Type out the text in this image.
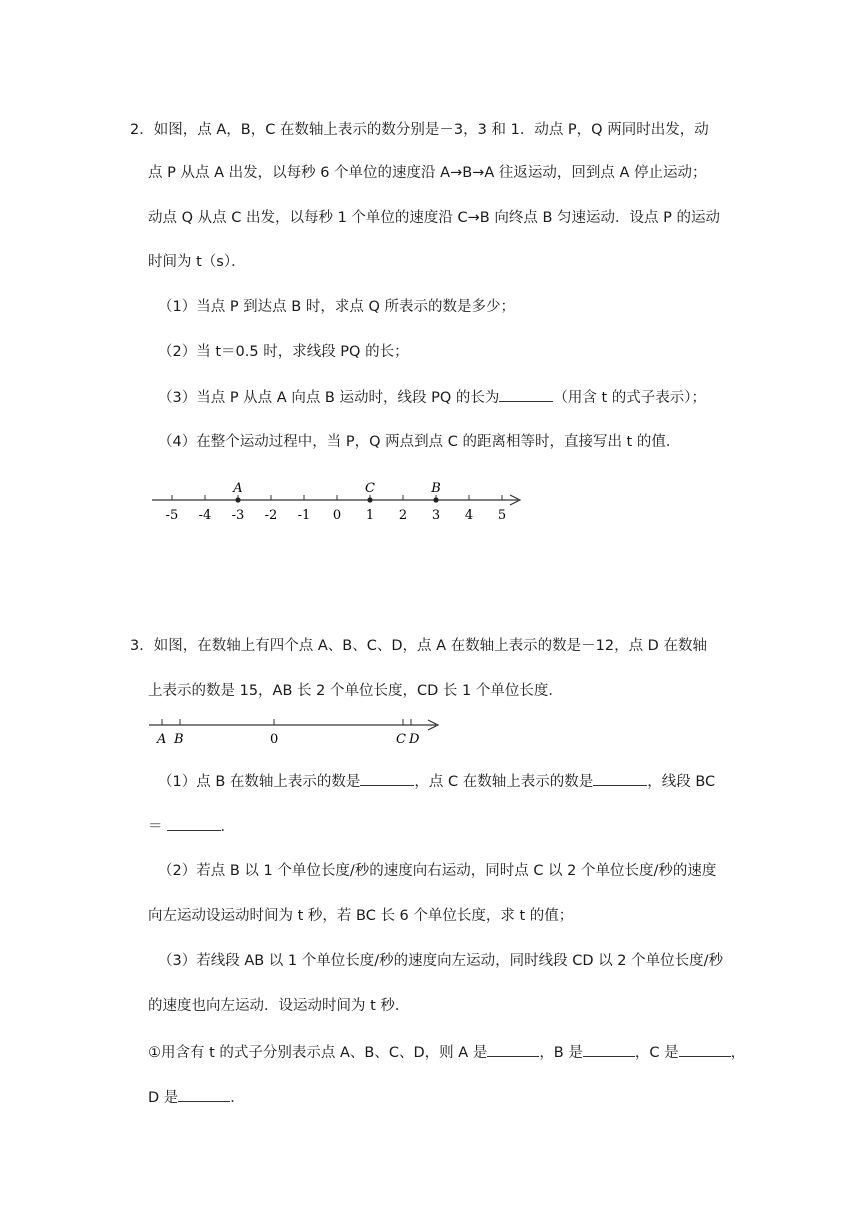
2．如图，点 A，B，C 在数轴上表示的数分别是－3，3 和 1．动点 P，Q 两同时出发，动
点 P 从点 A 出发，以每秒 6 个单位的速度沿 A→B→A 往返运动，回到点 A 停止运动；
动点 Q 从点 C 出发，以每秒 1 个单位的速度沿 C→B 向终点 B 匀速运动．设点 P 的运动
时间为 t（s）．
（1）当点 P 到达点 B 时，求点 Q 所表示的数是多少；
（2）当 t＝0.5 时，求线段 PQ 的长；
（3）当点 P 从点 A 向点 B 运动时，线段 PQ 的长为	（用含 t 的式子表示）；
（4）在整个运动过程中，当 P，Q 两点到点 C 的距离相等时，直接写出 t 的值．
-5 -4 -3 -2 -1 0 1 2 3 4 5
A	C	B
3．如图，在数轴上有四个点 A、B、C、D，点 A 在数轴上表示的数是－12，点 D 在数轴
上表示的数是 15，AB 长 2 个单位长度，CD 长 1 个单位长度．
A B	0	C D
（1）点 B 在数轴上表示的数是	，点 C 在数轴上表示的数是	，线段 BC
＝	．
（2）若点 B 以 1 个单位长度/秒的速度向右运动，同时点 C 以 2 个单位长度/秒的速度
向左运动设运动时间为 t 秒，若 BC 长 6 个单位长度，求 t 的值；
（3）若线段 AB 以 1 个单位长度/秒的速度向左运动，同时线段 CD 以 2 个单位长度/秒
的速度也向左运动．设运动时间为 t 秒．
①用含有 t 的式子分别表示点 A、B、C、D，则 A 是	，B 是	，C 是	，
D 是	．
